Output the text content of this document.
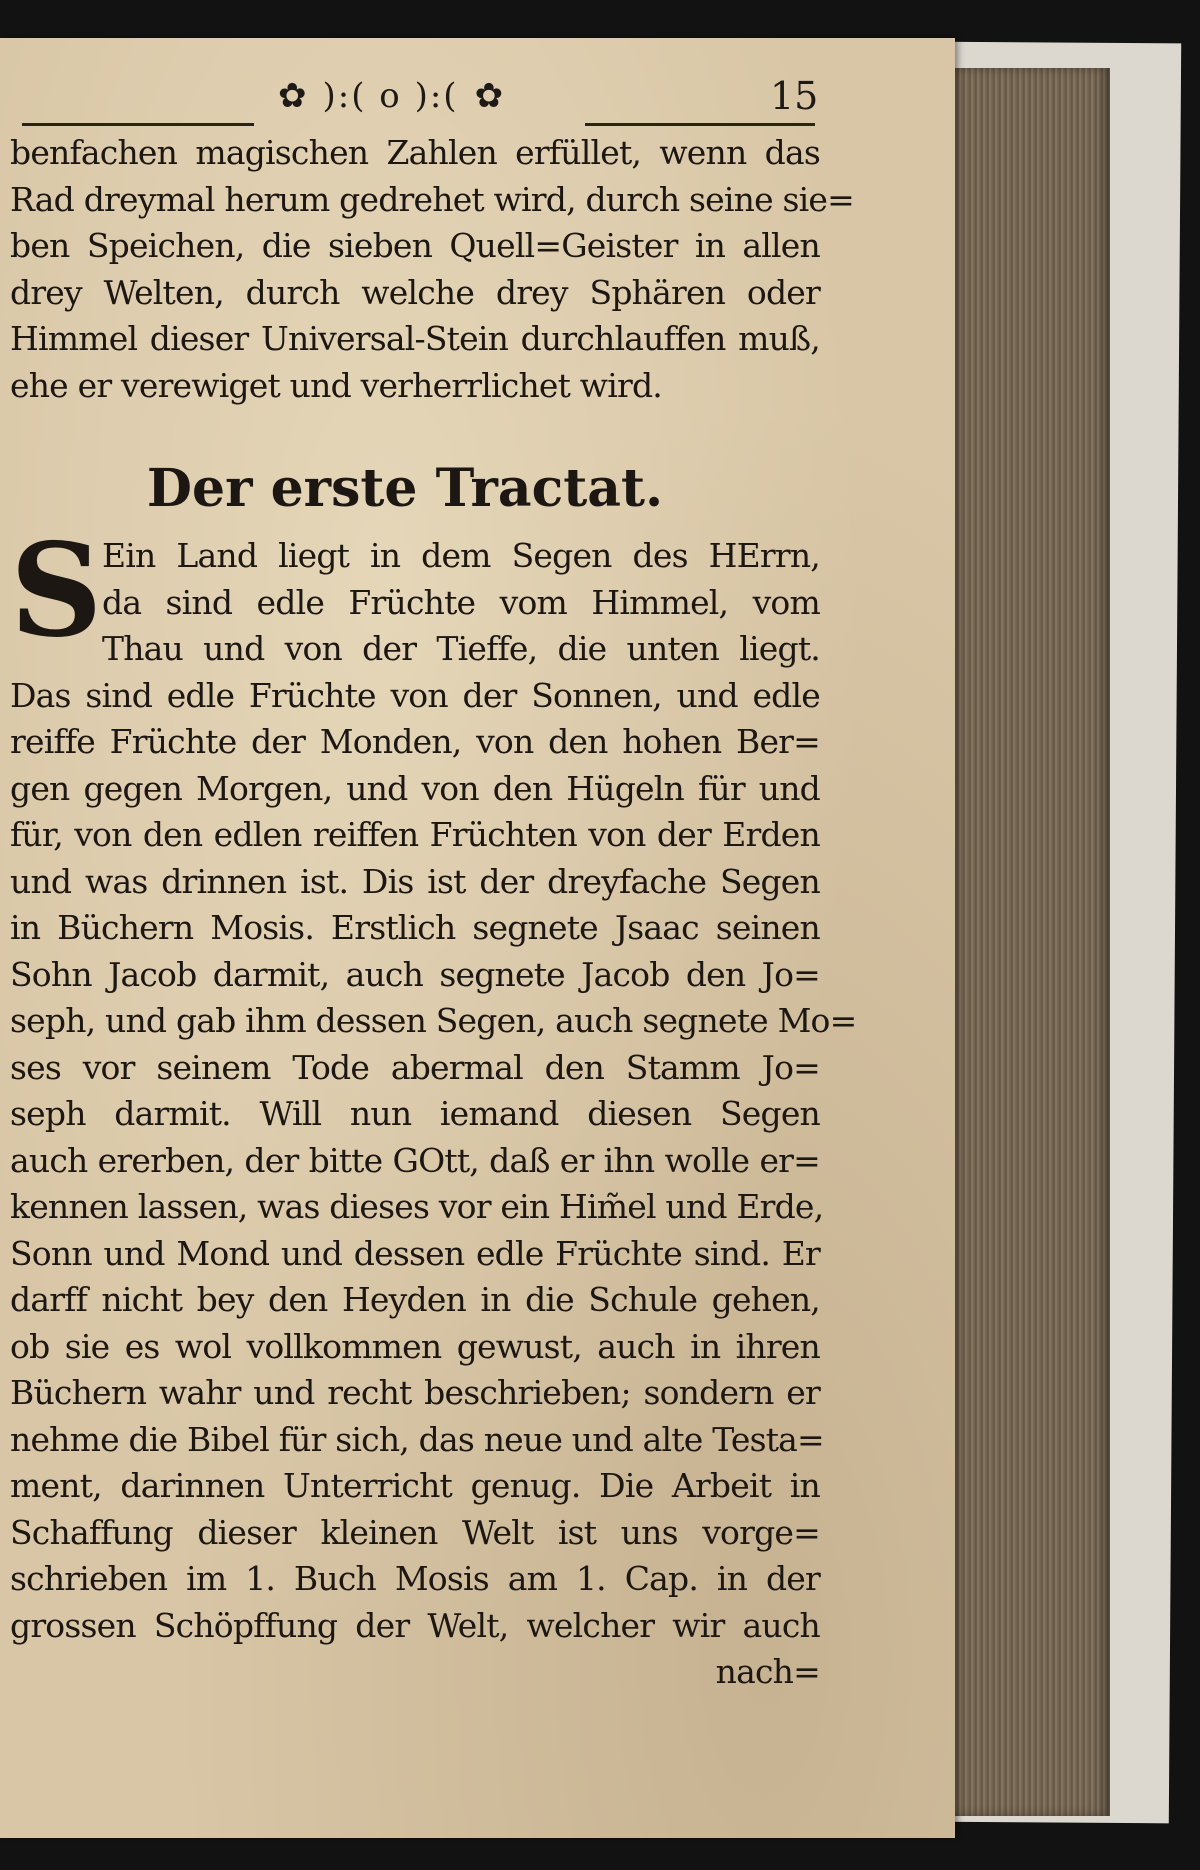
✿ ):( o ):( ✿	15
benfachen magischen Zahlen erfüllet, wenn das
Rad dreymal herum gedrehet wird, durch seine sie=
ben Speichen, die sieben Quell=Geister in allen
drey Welten, durch welche drey Sphären oder
Himmel dieser Universal-Stein durchlauffen muß,
ehe er verewiget und verherrlichet wird.
Der erste Tractat.
S Ein Land liegt in dem Segen des HErrn,
da sind edle Früchte vom Himmel, vom
Thau und von der Tieffe, die unten liegt.
Das sind edle Früchte von der Sonnen, und edle
reiffe Früchte der Monden, von den hohen Ber=
gen gegen Morgen, und von den Hügeln für und
für, von den edlen reiffen Früchten von der Erden
und was drinnen ist. Dis ist der dreyfache Segen
in Büchern Mosis. Erstlich segnete Jsaac seinen
Sohn Jacob darmit, auch segnete Jacob den Jo=
seph, und gab ihm dessen Segen, auch segnete Mo=
ses vor seinem Tode abermal den Stamm Jo=
seph darmit. Will nun iemand diesen Segen
auch ererben, der bitte GOtt, daß er ihn wolle er=
kennen lassen, was dieses vor ein Him̃el und Erde,
Sonn und Mond und dessen edle Früchte sind. Er
darff nicht bey den Heyden in die Schule gehen,
ob sie es wol vollkommen gewust, auch in ihren
Büchern wahr und recht beschrieben; sondern er
nehme die Bibel für sich, das neue und alte Testa=
ment, darinnen Unterricht genug. Die Arbeit in
Schaffung dieser kleinen Welt ist uns vorge=
schrieben im 1. Buch Mosis am 1. Cap. in der
grossen Schöpffung der Welt, welcher wir auch
nach=
